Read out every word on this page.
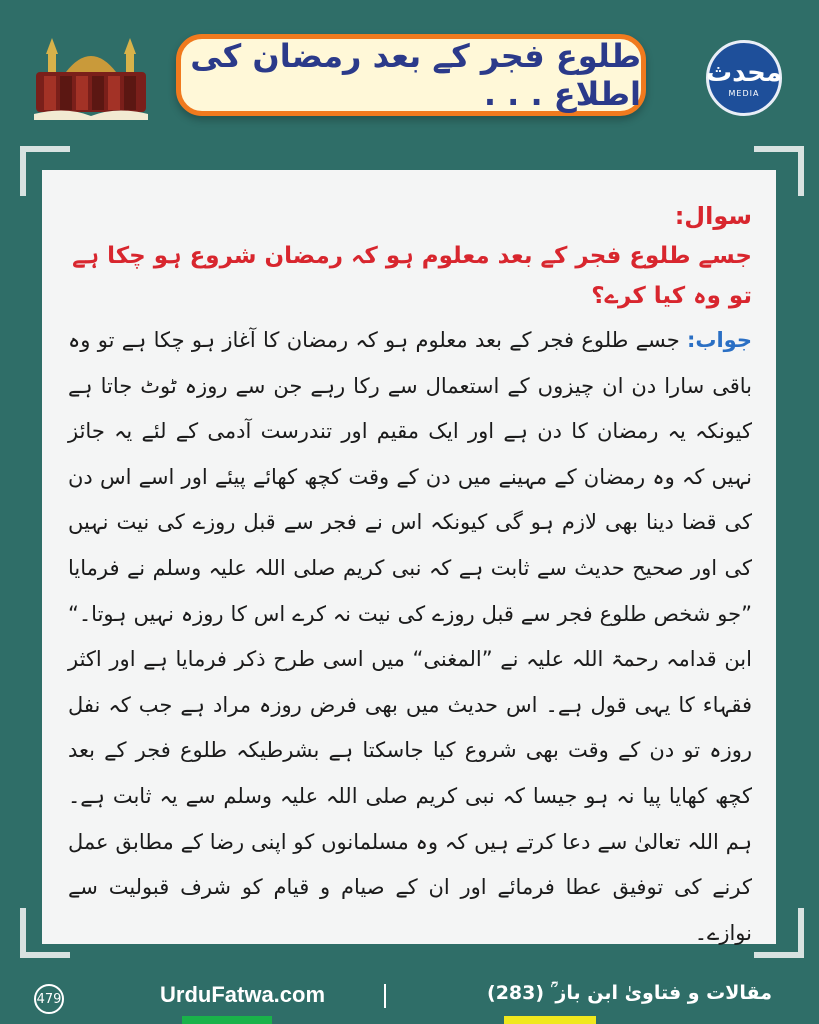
طلوع فجر کے بعد رمضان کی اطلاع . . .
محدث
MEDIA
سوال:
جسے طلوع فجر کے بعد معلوم ہو کہ رمضان شروع ہو چکا ہے تو وہ کیا کرے؟
جواب: جسے طلوع فجر کے بعد معلوم ہو کہ رمضان کا آغاز ہو چکا ہے تو وہ باقی سارا دن ان چیزوں کے استعمال سے رکا رہے جن سے روزہ ٹوٹ جاتا ہے کیونکہ یہ رمضان کا دن ہے اور ایک مقیم اور تندرست آدمی کے لئے یہ جائز نہیں کہ وہ رمضان کے مہینے میں دن کے وقت کچھ کھائے پیئے اور اسے اس دن کی قضا دینا بھی لازم ہو گی کیونکہ اس نے فجر سے قبل روزے کی نیت نہیں کی اور صحیح حدیث سے ثابت ہے کہ نبی کریم صلی اللہ علیہ وسلم نے فرمایا ”جو شخص طلوع فجر سے قبل روزے کی نیت نہ کرے اس کا روزہ نہیں ہوتا۔“ ابن قدامہ رحمۃ اللہ علیہ نے ”المغنی“ میں اسی طرح ذکر فرمایا ہے اور اکثر فقہاء کا یہی قول ہے۔ اس حدیث میں بھی فرض روزہ مراد ہے جب کہ نفل روزہ تو دن کے وقت بھی شروع کیا جاسکتا ہے بشرطیکہ طلوع فجر کے بعد کچھ کھایا پیا نہ ہو جیسا کہ نبی کریم صلی اللہ علیہ وسلم سے یہ ثابت ہے۔ ہم اللہ تعالیٰ سے دعا کرتے ہیں کہ وہ مسلمانوں کو اپنی رضا کے مطابق عمل کرنے کی توفیق عطا فرمائے اور ان کے صیام و قیام کو شرف قبولیت سے نوازے۔
479	UrduFatwa.com	مقالات و فتاویٰ ابن باز ؒ (283)
